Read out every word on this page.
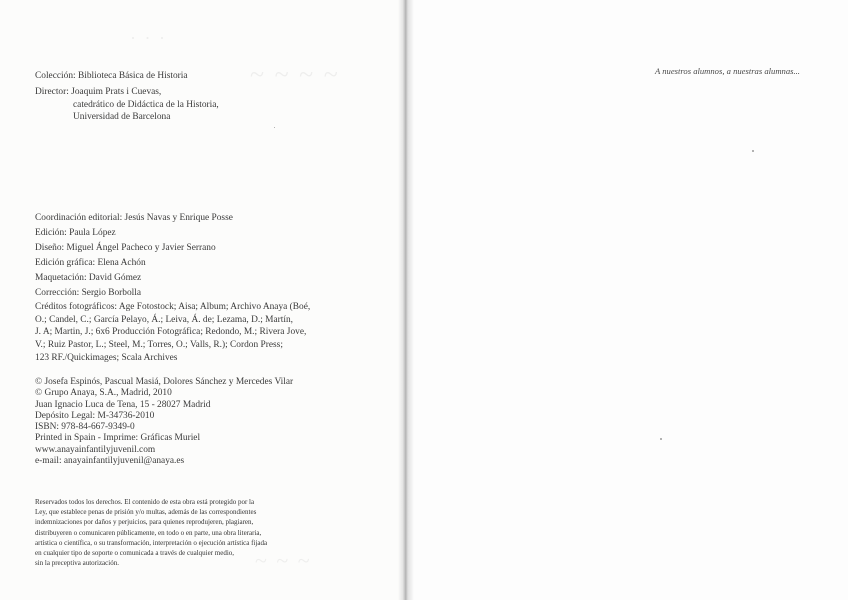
· · ·
~ ~ ~ ~
~ ~ ~
Colección: Biblioteca Básica de Historia
Director: Joaquim Prats i Cuevas,
catedrático de Didáctica de la Historia,
Universidad de Barcelona
Coordinación editorial: Jesús Navas y Enrique Posse
Edición: Paula López
Diseño: Miguel Ángel Pacheco y Javier Serrano
Edición gráfica: Elena Achón
Maquetación: David Gómez
Corrección: Sergio Borbolla
Créditos fotográficos: Age Fotostock; Aisa; Album; Archivo Anaya (Boé,
O.; Candel, C.; García Pelayo, Á.; Leiva, Á. de; Lezama, D.; Martín,
J. A; Martin, J.; 6x6 Producción Fotográfica; Redondo, M.; Rivera Jove,
V.; Ruiz Pastor, L.; Steel, M.; Torres, O.; Valls, R.); Cordon Press;
123 RF./Quickimages; Scala Archives
© Josefa Espinós, Pascual Masiá, Dolores Sánchez y Mercedes Vilar
© Grupo Anaya, S.A., Madrid, 2010
Juan Ignacio Luca de Tena, 15 - 28027 Madrid
Depósito Legal: M-34736-2010
ISBN: 978-84-667-9349-0
Printed in Spain - Imprime: Gráficas Muriel
www.anayainfantilyjuvenil.com
e-mail: anayainfantilyjuvenil@anaya.es
Reservados todos los derechos. El contenido de esta obra está protegido por la
Ley, que establece penas de prisión y/o multas, además de las correspondientes
indemnizaciones por daños y perjuicios, para quienes reprodujeren, plagiaren,
distribuyeren o comunicaren públicamente, en todo o en parte, una obra literaria,
artística o científica, o su transformación, interpretación o ejecución artística fijada
en cualquier tipo de soporte o comunicada a través de cualquier medio,
sin la preceptiva autorización.
A nuestros alumnos, a nuestras alumnas...
